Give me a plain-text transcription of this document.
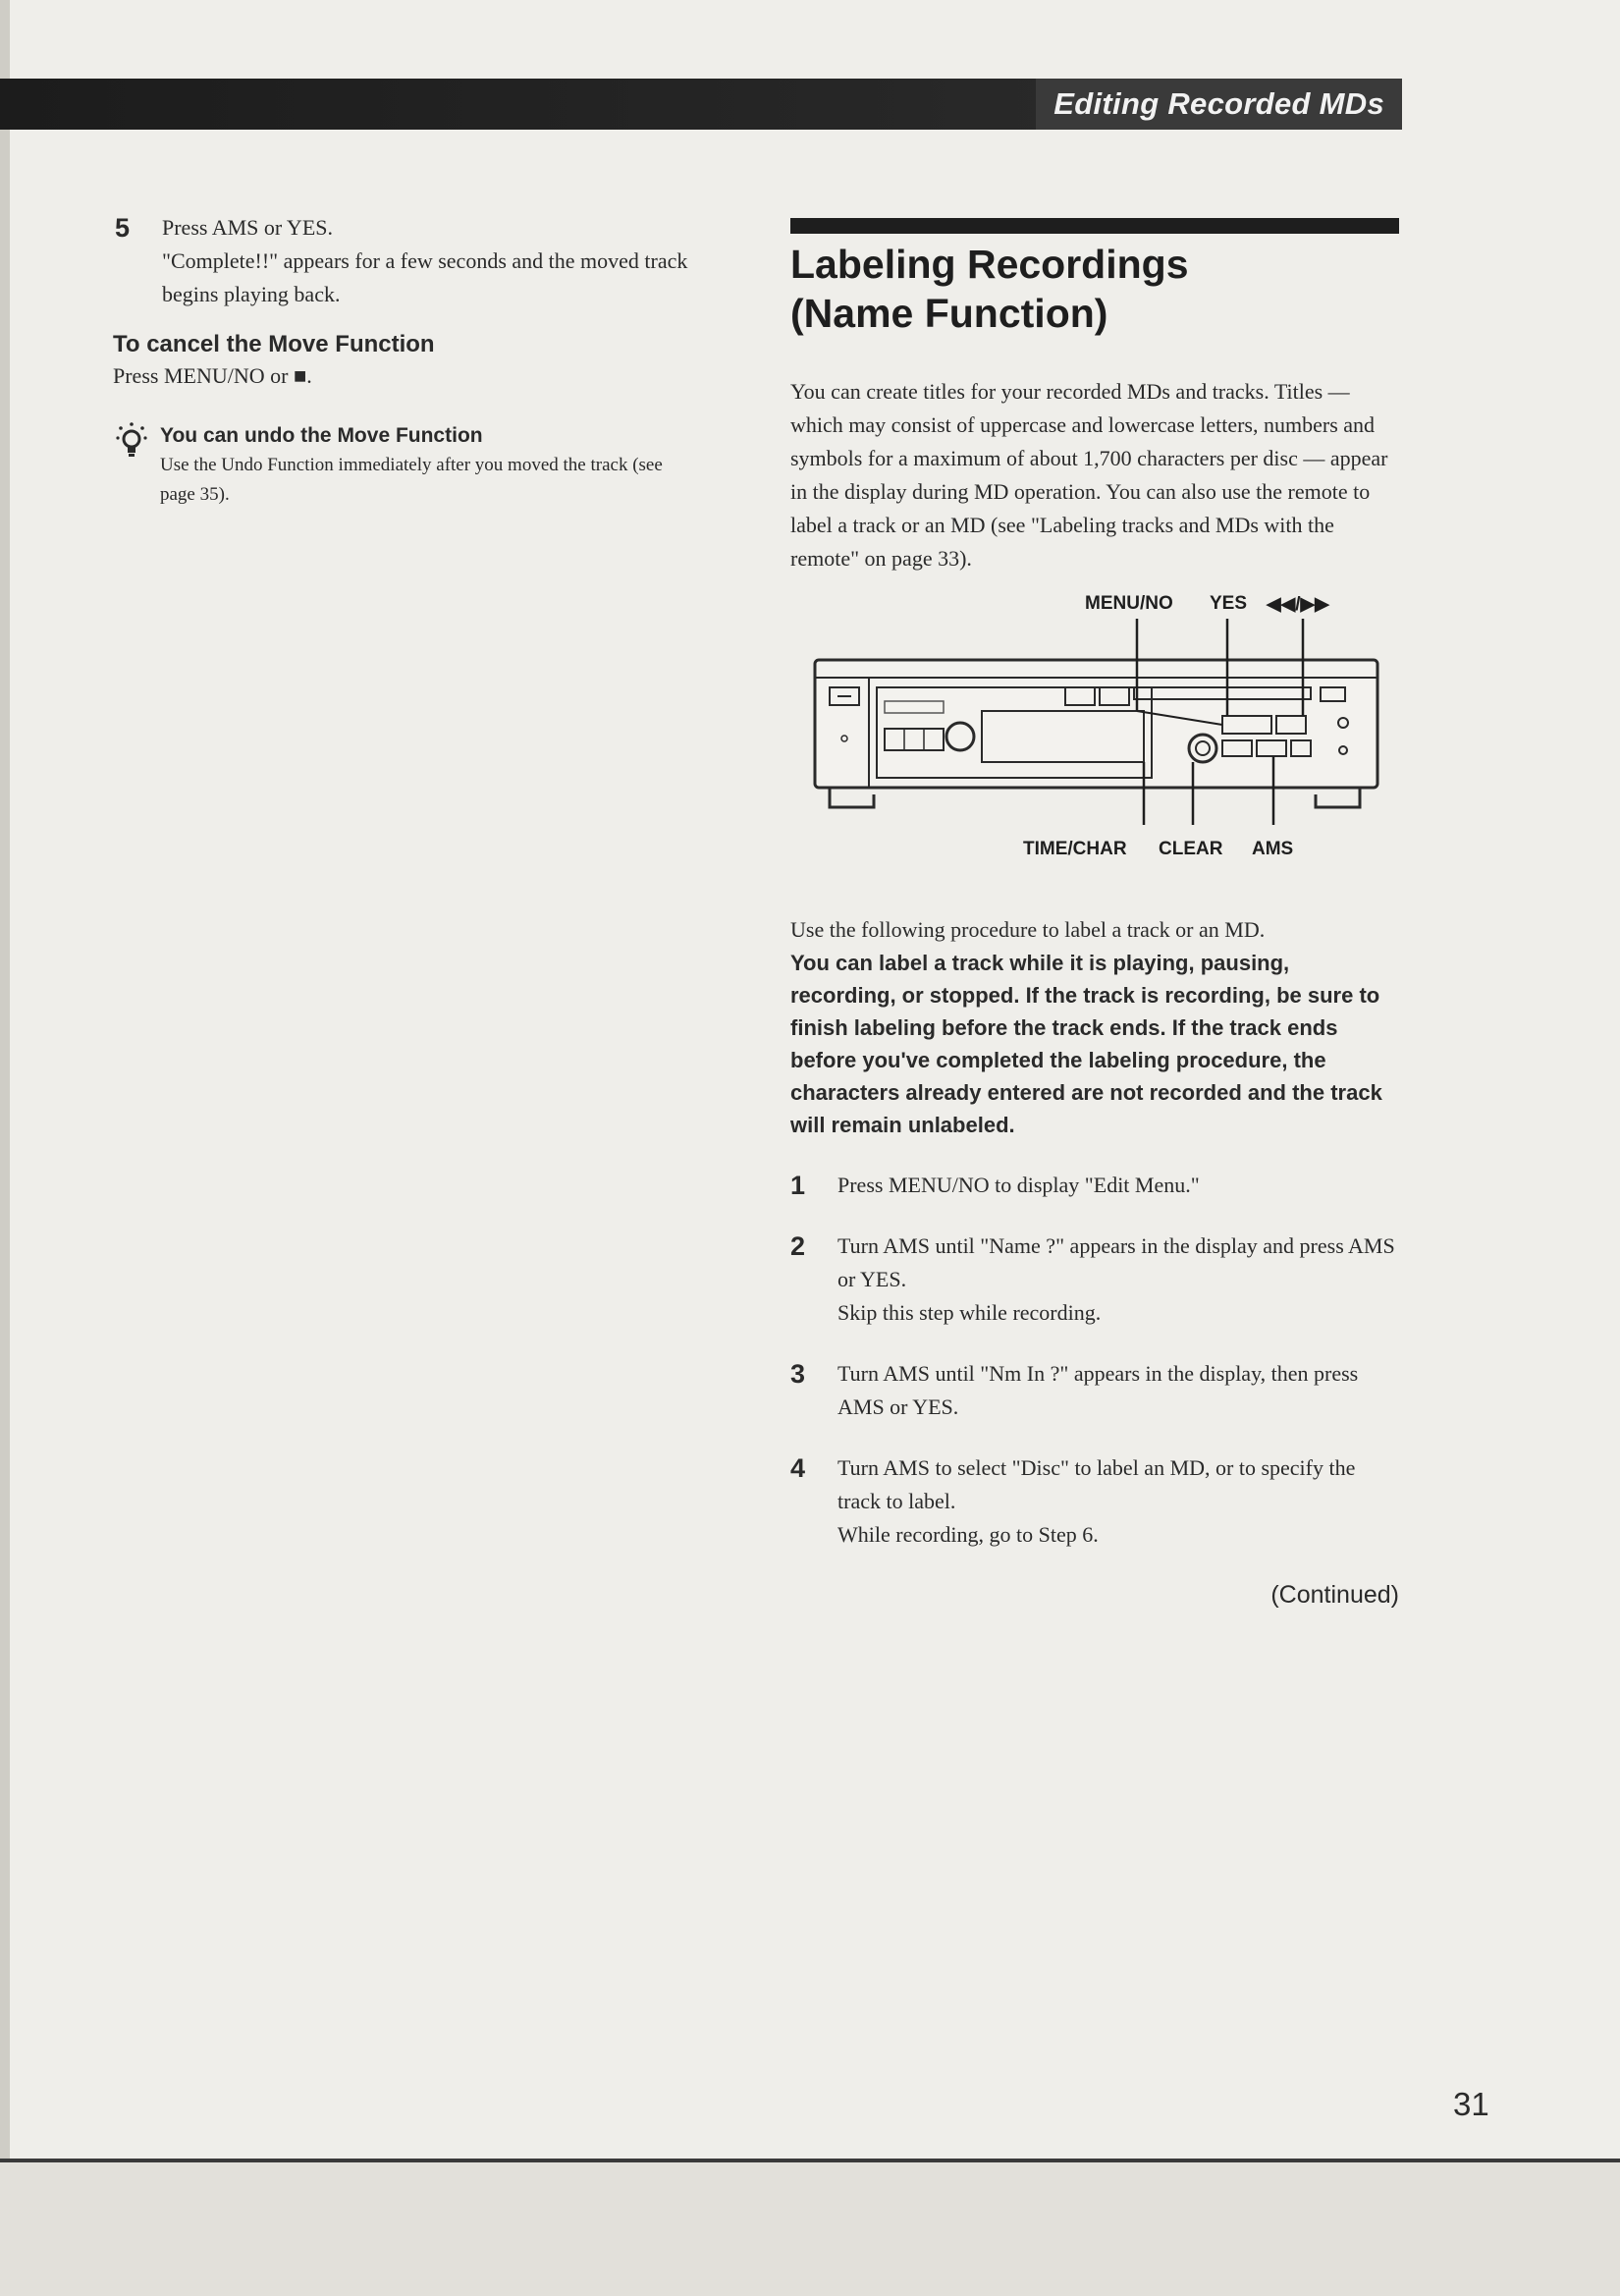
Editing Recorded MDs
5 Press AMS or YES.
"Complete!!" appears for a few seconds and the moved track begins playing back.
To cancel the Move Function
Press MENU/NO or ■.
You can undo the Move Function
Use the Undo Function immediately after you moved the track (see page 35).
Labeling Recordings
(Name Function)
You can create titles for your recorded MDs and tracks. Titles — which may consist of uppercase and lowercase letters, numbers and symbols for a maximum of about 1,700 characters per disc — appear in the display during MD operation. You can also use the remote to label a track or an MD (see "Labeling tracks and MDs with the remote" on page 33).
MENU/NO YES ◀◀/▶▶
TIME/CHAR CLEAR AMS
Use the following procedure to label a track or an MD.
You can label a track while it is playing, pausing, recording, or stopped. If the track is recording, be sure to finish labeling before the track ends. If the track ends before you've completed the labeling procedure, the characters already entered are not recorded and the track will remain unlabeled.
1 Press MENU/NO to display "Edit Menu."
2 Turn AMS until "Name ?" appears in the display and press AMS or YES.
Skip this step while recording.
3 Turn AMS until "Nm In ?" appears in the display, then press AMS or YES.
4 Turn AMS to select "Disc" to label an MD, or to specify the track to label.
While recording, go to Step 6.
(Continued)
31
